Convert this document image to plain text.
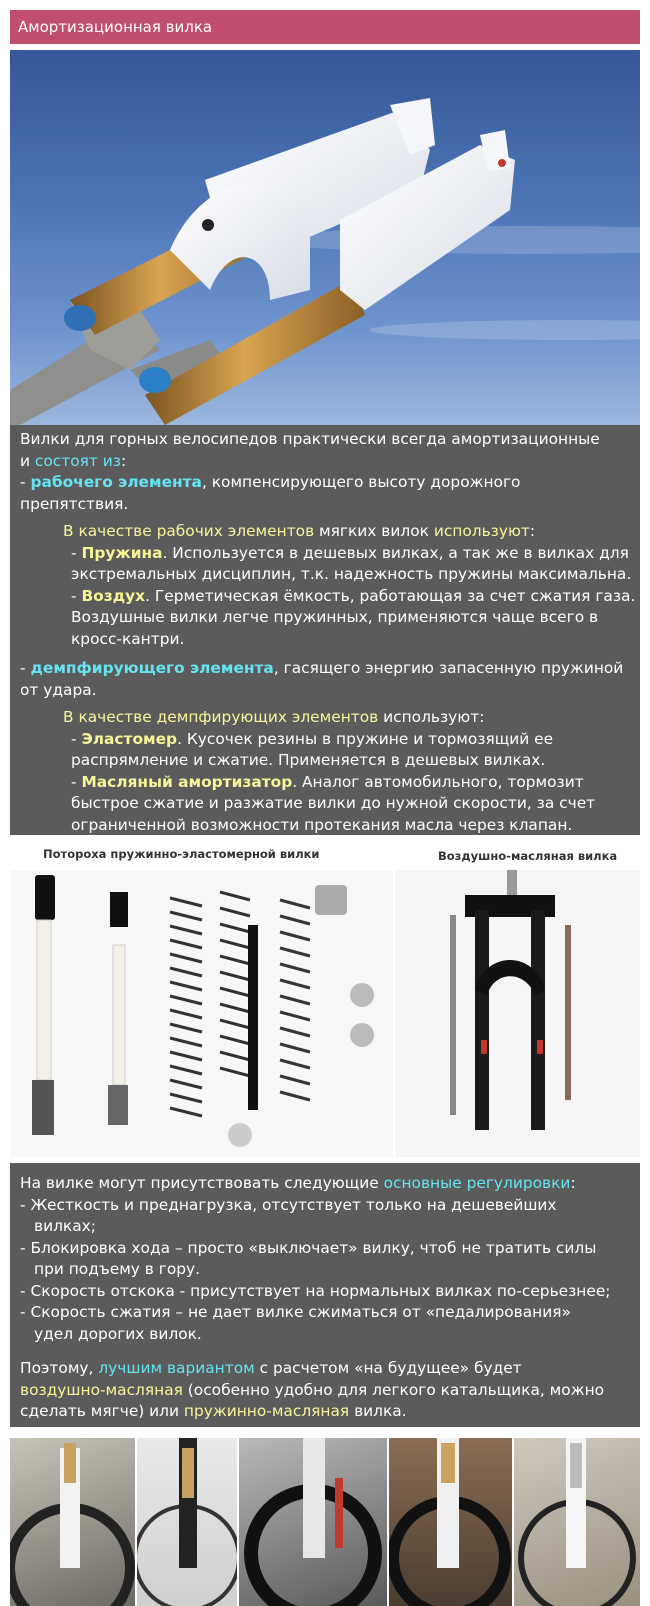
Амортизационная вилка
Вилки для горных велосипедов практически всегда амортизационные
и состоят из:
- рабочего элемента, компенсирующего высоту дорожного
препятствия.
В качестве рабочих элементов мягких вилок используют:
- Пружина. Используется в дешевых вилках, а так же в вилках для
экстремальных дисциплин, т.к. надежность пружины максимальна.
- Воздух. Герметическая ёмкость, работающая за счет сжатия газа.
Воздушные вилки легче пружинных, применяются чаще всего в
кросс-кантри.
- демпфирующего элемента, гасящего энергию запасенную пружиной
от удара.
В качестве демпфирующих элементов используют:
- Эластомер. Кусочек резины в пружине и тормозящий ее
распрямление и сжатие. Применяется в дешевых вилках.
- Масляный амортизатор. Аналог автомобильного, тормозит
быстрое сжатие и разжатие вилки до нужной скорости, за счет
ограниченной возможности протекания масла через клапан.
Потороха пружинно-эластомерной вилки	Воздушно-масляная вилка
На вилке могут присутствовать следующие основные регулировки:
- Жесткость и преднагрузка, отсутствует только на дешевейших
вилках;
- Блокировка хода – просто «выключает» вилку, чтоб не тратить силы
при подъему в гору.
- Скорость отскока - присутствует на нормальных вилках по-серьезнее;
- Скорость сжатия – не дает вилке сжиматься от «педалирования»
удел дорогих вилок.
Поэтому, лучшим вариантом с расчетом «на будущее» будет
воздушно-масляная (особенно удобно для легкого катальщика, можно
сделать мягче) или пружинно-масляная вилка.
